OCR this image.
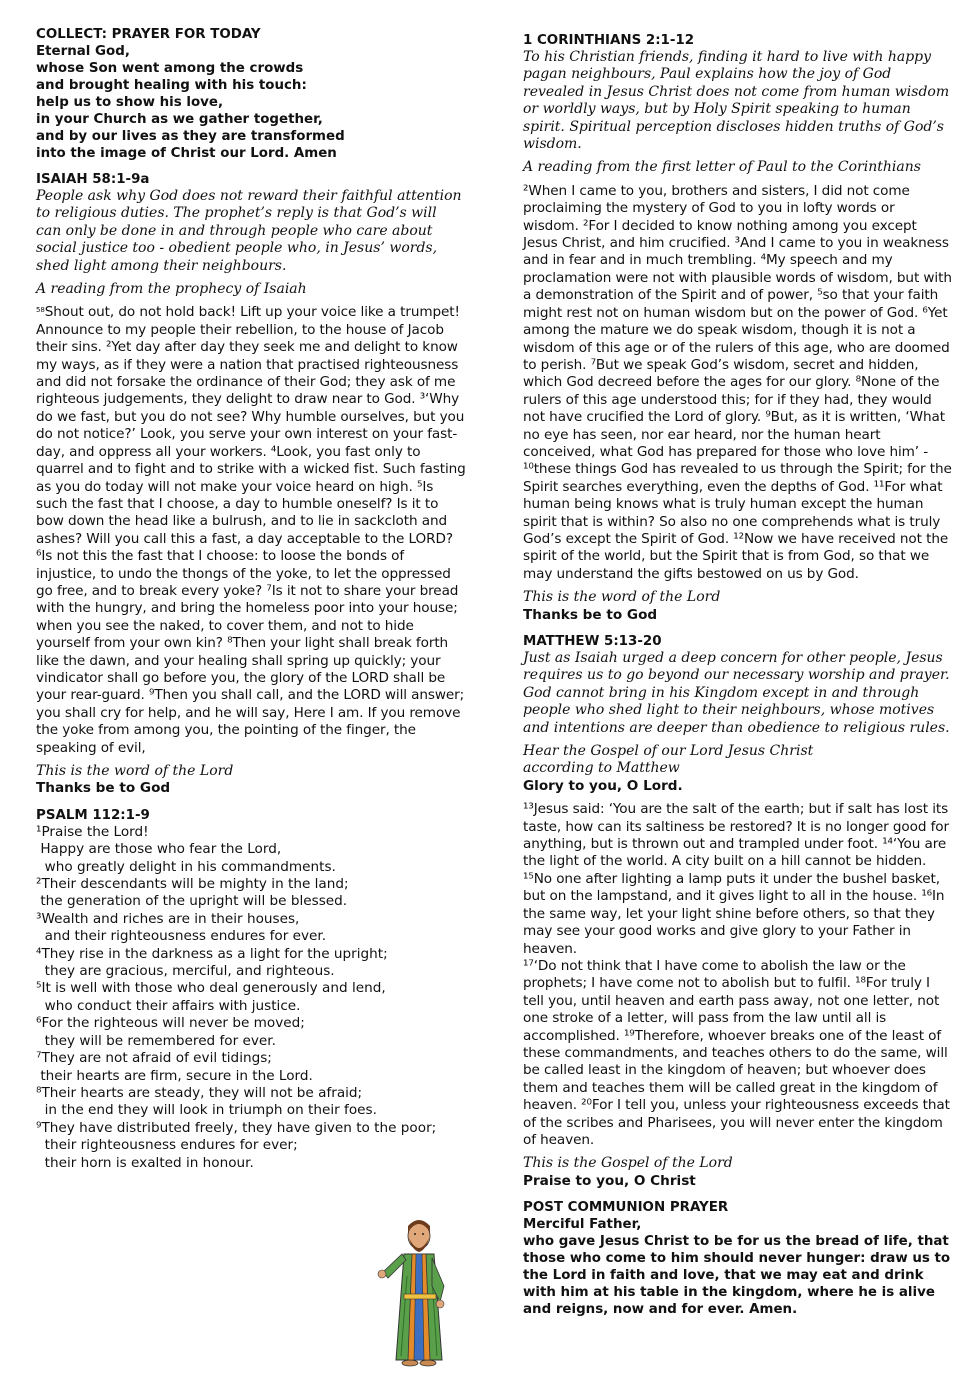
COLLECT: PRAYER FOR TODAY

Eternal God,

whose Son went among the crowds

and brought healing with his touch:

help us to show his love,

in your Church as we gather together,

and by our lives as they are transformed

into the image of Christ our Lord. Amen

ISAIAH 58:1-9a

People ask why God does not reward their faithful attention to religious duties. The prophet’s reply is that God’s will can only be done in and through people who care about social justice too - obedient people who, in Jesus’ words, shed light among their neighbours.

A reading from the prophecy of Isaiah

$^{58}$Shout out, do not hold back! Lift up your voice like a trumpet! Announce to my people their rebellion, to the house of Jacob their sins. ²Yet day after day they seek me and delight to know my ways, as if they were a nation that practised righteousness and did not forsake the ordinance of their God; they ask of me righteous judgements, they delight to draw near to God. ³‘Why do we fast, but you do not see? Why humble ourselves, but you do not notice?’ Look, you serve your own interest on your fast-day, and oppress all your workers. ⁴Look, you fast only to quarrel and to fight and to strike with a wicked fist. Such fasting as you do today will not make your voice heard on high. ⁵Is such the fast that I choose, a day to humble oneself? Is it to bow down the head like a bulrush, and to lie in sackcloth and ashes? Will you call this a fast, a day acceptable to the LORD? ⁶Is not this the fast that I choose: to loose the bonds of injustice, to undo the thongs of the yoke, to let the oppressed go free, and to break every yoke? ⁷Is it not to share your bread with the hungry, and bring the homeless poor into your house; when you see the naked, to cover them, and not to hide yourself from your own kin? ⁸Then your light shall break forth like the dawn, and your healing shall spring up quickly; your vindicator shall go before you, the glory of the LORD shall be your rear-guard. ⁹Then you shall call, and the LORD will answer; you shall cry for help, and he will say, Here I am. If you remove the yoke from among you, the pointing of the finger, the speaking of evil,

This is the word of the Lord

Thanks be to God

PSALM 112:1-9

¹Praise the Lord!

Happy are those who fear the Lord,

who greatly delight in his commandments.

²Their descendants will be mighty in the land;

the generation of the upright will be blessed.

³Wealth and riches are in their houses,

and their righteousness endures for ever.

⁴They rise in the darkness as a light for the upright;

they are gracious, merciful, and righteous.

⁵It is well with those who deal generously and lend,

who conduct their affairs with justice.

⁶For the righteous will never be moved;

they will be remembered for ever.

⁷They are not afraid of evil tidings;

their hearts are firm, secure in the Lord.

⁸Their hearts are steady, they will not be afraid;

in the end they will look in triumph on their foes.

⁹They have distributed freely, they have given to the poor;

their righteousness endures for ever;

their horn is exalted in honour.

1 CORINTHIANS 2:1-12

To his Christian friends, finding it hard to live with happy pagan neighbours, Paul explains how the joy of God revealed in Jesus Christ does not come from human wisdom or worldly ways, but by Holy Spirit speaking to human spirit. Spiritual perception discloses hidden truths of God’s wisdom.

A reading from the first letter of Paul to the Corinthians

²When I came to you, brothers and sisters, I did not come proclaiming the mystery of God to you in lofty words or wisdom. ²For I decided to know nothing among you except Jesus Christ, and him crucified. ³And I came to you in weakness and in fear and in much trembling. ⁴My speech and my proclamation were not with plausible words of wisdom, but with a demonstration of the Spirit and of power, ⁵so that your faith might rest not on human wisdom but on the power of God. ⁶Yet among the mature we do speak wisdom, though it is not a wisdom of this age or of the rulers of this age, who are doomed to perish. ⁷But we speak God’s wisdom, secret and hidden, which God decreed before the ages for our glory. ⁸None of the rulers of this age understood this; for if they had, they would not have crucified the Lord of glory. ⁹But, as it is written, ‘What no eye has seen, nor ear heard, nor the human heart conceived, what God has prepared for those who love him’ - ¹⁰these things God has revealed to us through the Spirit; for the Spirit searches everything, even the depths of God. ¹¹For what human being knows what is truly human except the human spirit that is within? So also no one comprehends what is truly God’s except the Spirit of God. ¹²Now we have received not the spirit of the world, but the Spirit that is from God, so that we may understand the gifts bestowed on us by God.

This is the word of the Lord

Thanks be to God

MATTHEW 5:13-20

Just as Isaiah urged a deep concern for other people, Jesus requires us to go beyond our necessary worship and prayer. God cannot bring in his Kingdom except in and through people who shed light to their neighbours, whose motives and intentions are deeper than obedience to religious rules.

Hear the Gospel of our Lord Jesus Christ

according to Matthew

Glory to you, O Lord.

¹³Jesus said: ‘You are the salt of the earth; but if salt has lost its taste, how can its saltiness be restored? It is no longer good for anything, but is thrown out and trampled under foot. ¹⁴‘You are the light of the world. A city built on a hill cannot be hidden. ¹⁵No one after lighting a lamp puts it under the bushel basket, but on the lampstand, and it gives light to all in the house. ¹⁶In the same way, let your light shine before others, so that they may see your good works and give glory to your Father in heaven.

¹⁷‘Do not think that I have come to abolish the law or the prophets; I have come not to abolish but to fulfil. ¹⁸For truly I tell you, until heaven and earth pass away, not one letter, not one stroke of a letter, will pass from the law until all is accomplished. ¹⁹Therefore, whoever breaks one of the least of these commandments, and teaches others to do the same, will be called least in the kingdom of heaven; but whoever does them and teaches them will be called great in the kingdom of heaven. ²⁰For I tell you, unless your righteousness exceeds that of the scribes and Pharisees, you will never enter the kingdom of heaven.

This is the Gospel of the Lord

Praise to you, O Christ

POST COMMUNION PRAYER

Merciful Father,

who gave Jesus Christ to be for us the bread of life, that those who come to him should never hunger: draw us to the Lord in faith and love, that we may eat and drink with him at his table in the kingdom, where he is alive and reigns, now and for ever. Amen.
